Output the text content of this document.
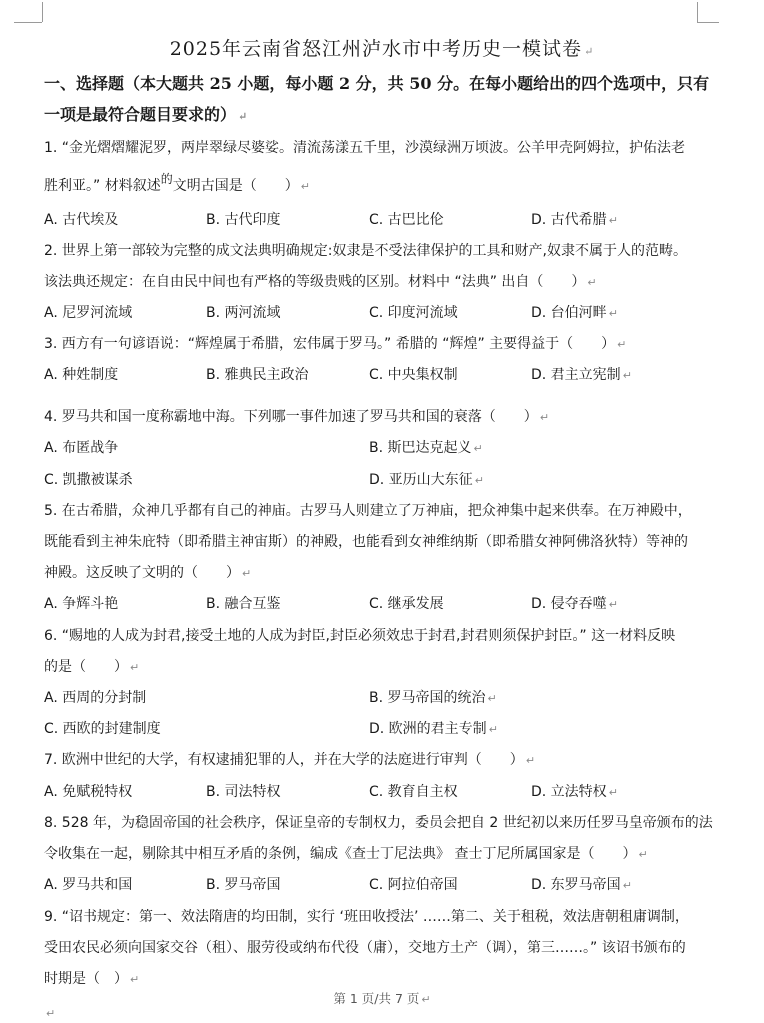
2025年云南省怒江州泸水市中考历史一模试卷 ↵
一、选择题（本大题共 25 小题，每小题 2 分，共 50 分。在每小题给出的四个选项中，只有
一项是最符合题目要求的） ↵
1. “金光熠熠耀泥罗，两岸翠绿尽婆娑。清流荡漾五千里，沙漠绿洲万顷波。公羊甲壳阿姆拉，护佑法老
胜利亚。” 材料叙述的文明古国是（　　） ↵
A. 古代埃及	B. 古代印度	C. 古巴比伦	D. 古代希腊 ↵
2. 世界上第一部较为完整的成文法典明确规定:奴隶是不受法律保护的工具和财产,奴隶不属于人的范畴。
该法典还规定：在自由民中间也有严格的等级贵贱的区别。材料中 “法典” 出自（　　） ↵
A. 尼罗河流域	B. 两河流域	C. 印度河流域	D. 台伯河畔 ↵
3. 西方有一句谚语说：“辉煌属于希腊，宏伟属于罗马。” 希腊的 “辉煌” 主要得益于（　　） ↵
A. 种姓制度	B. 雅典民主政治	C. 中央集权制	D. 君主立宪制 ↵
4. 罗马共和国一度称霸地中海。下列哪一事件加速了罗马共和国的衰落（　　） ↵
A. 布匿战争	B. 斯巴达克起义 ↵
C. 凯撒被谋杀	D. 亚历山大东征 ↵
5. 在古希腊，众神几乎都有自己的神庙。古罗马人则建立了万神庙，把众神集中起来供奉。在万神殿中，
既能看到主神朱庇特（即希腊主神宙斯）的神殿，也能看到女神维纳斯（即希腊女神阿佛洛狄特）等神的
神殿。这反映了文明的（　　） ↵
A. 争辉斗艳	B. 融合互鉴	C. 继承发展	D. 侵夺吞噬 ↵
6. “赐地的人成为封君,接受土地的人成为封臣,封臣必须效忠于封君,封君则须保护封臣。” 这一材料反映
的是（　　） ↵
A. 西周的分封制	B. 罗马帝国的统治 ↵
C. 西欧的封建制度	D. 欧洲的君主专制 ↵
7. 欧洲中世纪的大学，有权逮捕犯罪的人，并在大学的法庭进行审判（　　） ↵
A. 免赋税特权	B. 司法特权	C. 教育自主权	D. 立法特权 ↵
8. 528 年，为稳固帝国的社会秩序，保证皇帝的专制权力，委员会把自 2 世纪初以来历任罗马皇帝颁布的法
令收集在一起，剔除其中相互矛盾的条例，编成《查士丁尼法典》 查士丁尼所属国家是（　　） ↵
A. 罗马共和国	B. 罗马帝国	C. 阿拉伯帝国	D. 东罗马帝国 ↵
9. “诏书规定：第一、效法隋唐的均田制，实行 ‘班田收授法’ ……第二、关于租税，效法唐朝租庸调制，
受田农民必须向国家交谷（租）、服劳役或纳布代役（庸），交地方土产（调），第三……。” 该诏书颁布的
时期是（　） ↵
第 1 页/共 7 页 ↵
↵
